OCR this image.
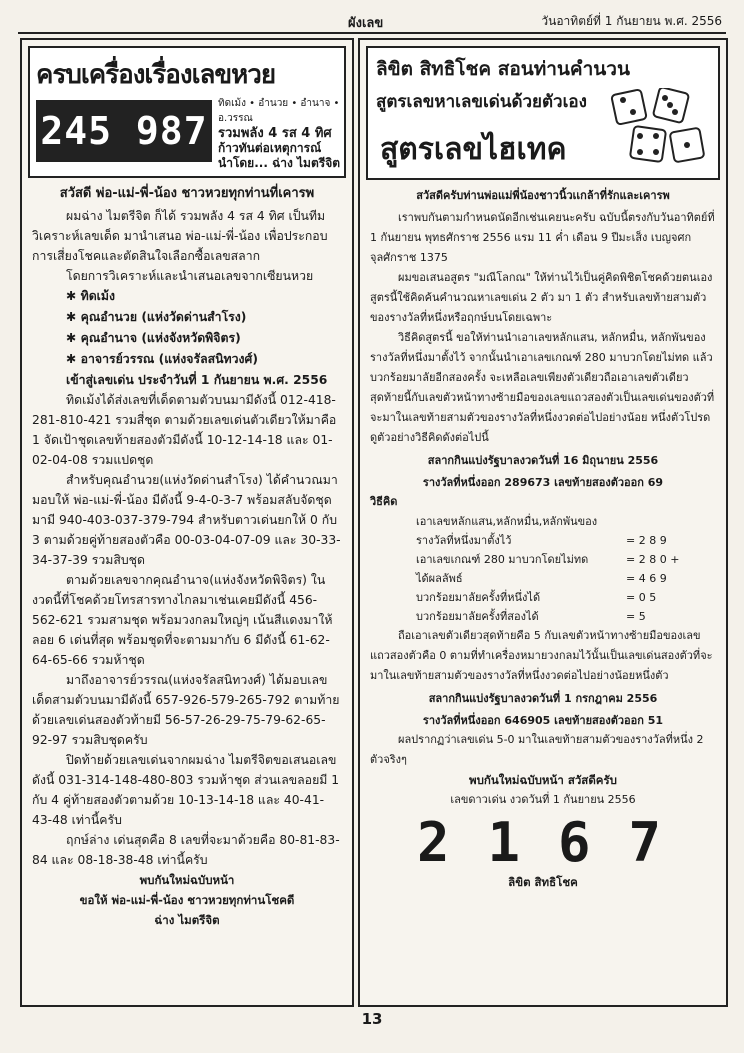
ผังเลข	วันอาทิตย์ที่ 1 กันยายน พ.ศ. 2556
ครบเครื่องเรื่องเลขหวย
245 987
ทิดเม้ง • อำนวย • อำนาจ • อ.วรรณ
รวมพลัง 4 รส 4 ทิศ
ก้าวทันต่อเหตุการณ์
นำโดย... ฉ่าง ไมตรีจิต
สวัสดี พ่อ-แม่-พี่-น้อง ชาวหวยทุกท่านที่เคารพ

ผมฉ่าง ไมตรีจิต ก็ได้ รวมพลัง 4 รส 4 ทิศ เป็นทีมวิเคราะห์เลขเด็ด มานำเสนอ พ่อ-แม่-พี่-น้อง เพื่อประกอบการเสี่ยงโชคและตัดสินใจเลือกซื้อเลขสลาก

โดยการวิเคราะห์และนำเสนอเลขจากเซียนหวย

✱ ทิดเม้ง
✱ คุณอำนวย (แห่งวัดด่านสำโรง)
✱ คุณอำนาจ (แห่งจังหวัดพิจิตร)
✱ อาจารย์วรรณ (แห่งจรัลสนิทวงศ์)

เข้าสู่เลขเด่น ประจำวันที่ 1 กันยายน พ.ศ. 2556

ทิดเม้งได้ส่งเลขที่เด็ดตามตัวบนมามีดังนี้ 012-418-281-810-421 รวมสี่ชุด ตามด้วยเลขเด่นตัวเดียวให้มาคือ 1 จัดเป้าชุดเลขท้ายสองตัวมีดังนี้ 10-12-14-18 และ 01-02-04-08 รวมแปดชุด

สำหรับคุณอำนวย(แห่งวัดด่านสำโรง) ได้คำนวณมามอบให้ พ่อ-แม่-พี่-น้อง มีดังนี้ 9-4-0-3-7 พร้อมสลับจัดชุดมามี 940-403-037-379-794 สำหรับตาวเด่นยกให้ 0 กับ 3 ตามด้วยคู่ท้ายสองตัวคือ 00-03-04-07-09 และ 30-33-34-37-39 รวมสิบชุด

ตามด้วยเลขจากคุณอำนาจ(แห่งจังหวัดพิจิตร) ในงวดนี้ที่โชคด้วยโทรสารทางไกลมาเช่นเคยมีดังนี้ 456-562-621 รวมสามชุด พร้อมวงกลมใหญ่ๆ เน้นสีแดงมาให้ลอย 6 เด่นที่สุด พร้อมชุดที่จะตามมากับ 6 มีดังนี้ 61-62-64-65-66 รวมห้าชุด

มาถึงอาจารย์วรรณ(แห่งจรัลสนิทวงศ์) ได้มอบเลขเด็ดสามตัวบนมามีดังนี้ 657-926-579-265-792 ตามท้ายด้วยเลขเด่นสองตัวท้ายมี 56-57-26-29-75-79-62-65-92-97 รวมสิบชุดครับ

ปิดท้ายด้วยเลขเด่นจากผมฉ่าง ไมตรีจิตขอเสนอเลขดังนี้ 031-314-148-480-803 รวมห้าชุด ส่วนเลขลอยมี 1 กับ 4 คู่ท้ายสองตัวตามด้วย 10-13-14-18 และ 40-41-43-48 เท่านี้ครับ

ฤกษ์ล่าง เด่นสุดคือ 8 เลขที่จะมาด้วยคือ 80-81-83-84 และ 08-18-38-48 เท่านี้ครับ

พบกันใหม่ฉบับหน้า
ขอให้ พ่อ-แม่-พี่-น้อง ชาวหวยทุกท่านโชคดี
ฉ่าง ไมตรีจิต
ลิขิต สิทธิโชค สอนท่านคำนวน
สูตรเลขหาเลขเด่นด้วยตัวเอง
สูตรเลขไฮเทค
สวัสดีครับท่านพ่อแม่พี่น้องชาวนิ้วเเกล้าที่รักและเคารพ

เราพบกันตามกำหนดนัดอีกเช่นเคยนะครับ ฉบับนี้ตรงกับวันอาทิตย์ที่ 1 กันยายน พุทธศักราช 2556 แรม 11 ค่ำ เดือน 9 ปีมะเส็ง เบญจศก จุลศักราช 1375

ผมขอเสนอสูตร "มณีโลกณ" ให้ท่านไว้เป็นคู่คิดพิชิตโชคด้วยตนเอง สูตรนี้ใช้คิดค้นคำนวณหาเลขเด่น 2 ตัว มา 1 ตัว สำหรับเลขท้ายสามตัวของรางวัลที่หนึ่งหรือฤกษ์บนโดยเฉพาะ

วิธีคิดสูตรนี้ ขอให้ท่านนำเอาเลขหลักแสน, หลักหมื่น, หลักพันของรางวัลที่หนึ่งมาตั้งไว้ จากนั้นนำเอาเลขเกณฑ์ 280 มาบวกโดยไม่ทด แล้วบวกร้อยมาลัยอีกสองครั้ง จะเหลือเลขเพียงตัวเดียวถือเอาเลขตัวเดียวสุดท้ายนี้กับเลขตัวหน้าทางซ้ายมือของเลขแถวสองตัวเป็นเลขเด่นของตัวที่จะมาในเลขท้ายสามตัวของรางวัลที่หนึ่งงวดต่อไปอย่างน้อย หนึ่งตัวโปรดดูตัวอย่างวิธีคิดดังต่อไปนี้

สลากกินแบ่งรัฐบาลงวดวันที่ 16 มิถุนายน 2556
รางวัลที่หนึ่งออก 289673 เลขท้ายสองตัวออก 69
วิธีคิด
เอาเลขหลักแสน,หลักหมื่น,หลักพันของ
รางวัลที่หนึ่งมาตั้งไว้	= 2 8 9
เอาเลขเกณฑ์ 280 มาบวกโดยไม่ทด	= 2 8 0 +
ได้ผลลัพธ์	= 4 6 9
บวกร้อยมาลัยครั้งที่หนึ่งได้	= 0 5
บวกร้อยมาลัยครั้งที่สองได้	= 5

ถือเอาเลขตัวเดียวสุดท้ายคือ 5 กับเลขตัวหน้าทางซ้ายมือของเลขแถวสองตัวคือ 0 ตามที่ทำเครื่องหมายวงกลมไว้นั้นเป็นเลขเด่นสองตัวที่จะมาในเลขท้ายสามตัวของรางวัลที่หนึ่งงวดต่อไปอย่างน้อยหนึ่งตัว

สลากกินแบ่งรัฐบาลงวดวันที่ 1 กรกฎาคม 2556
รางวัลที่หนึ่งออก 646905 เลขท้ายสองตัวออก 51

ผลปรากฏว่าเลขเด่น 5-0 มาในเลขท้ายสามตัวของรางวัลที่หนึ่ง 2 ตัวจริงๆ

พบกันใหม่ฉบับหน้า สวัสดีครับ
เลขดาวเด่น งวดวันที่ 1 กันยายน 2556
2167
ลิขิต สิทธิโชค
13
